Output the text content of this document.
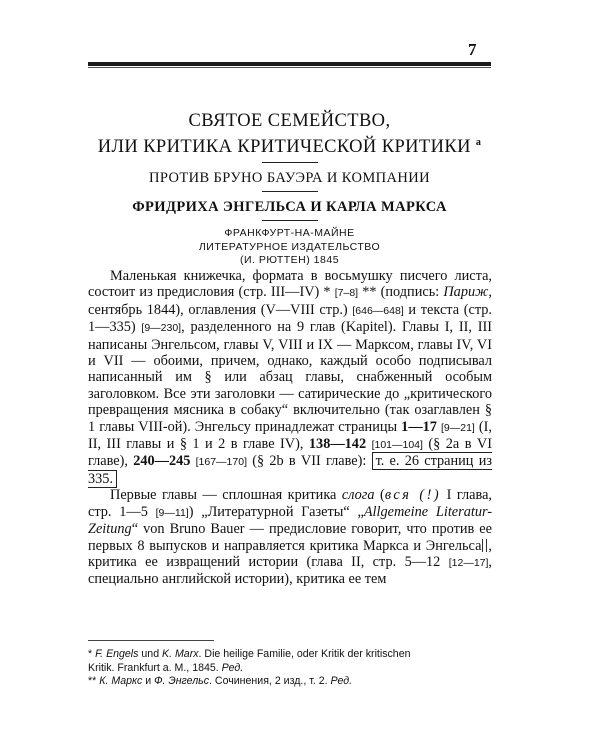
7
СВЯТОЕ СЕМЕЙСТВО,
ИЛИ КРИТИКА КРИТИЧЕСКОЙ КРИТИКИ $^a$
ПРОТИВ БРУНО БАУЭРА И КОМПАНИИ
ФРИДРИХА ЭНГЕЛЬСА И КАРЛА МАРКСА
ФРАНКФУРТ-НА-МАЙНЕ
ЛИТЕРАТУРНОЕ ИЗДАТЕЛЬСТВО
(И. РЮТТЕН) 1845

Маленькая книжечка, формата в восьмушку писчего листа, состоит из предисловия (стр. III—IV) * [7–8] ** (подпись: Париж, сентябрь 1844), оглавления (V—VIII стр.) [646—648] и текста (стр. 1—335) [9—230], разделенного на 9 глав (Kapitel). Главы I, II, III написаны Энгельсом, главы V, VIII и IX — Марксом, главы IV, VI и VII — обоими, причем, однако, каждый особо подписывал написанный им § или абзац главы, снабженный особым заголовком. Все эти заголовки — сатирические до „критического превращения мясника в собаку“ включительно (так озаглавлен § 1 главы VIII-ой). Энгельсу принадлежат страницы 1—17 [9—21] (I, II, III главы и § 1 и 2 в главе IV), 138—142 [101—104] (§ 2а в VI главе), 240—245 [167—170] (§ 2b в VII главе): т. е. 26 страниц из 335.

Первые главы — сплошная критика слога (вся (!) I глава, стр. 1—5 [9—11]) „Литературной Газеты“ „Allgemeine Literatur-Zeitung“ von Bruno Bauer — предисловие говорит, что против ее первых 8 выпусков и направляется критика Маркса и Энгельса , критика ее извращений истории (глава II, стр. 5—12 [12—17], специально английской истории), критика ее тем

* F. Engels und K. Marx. Die heilige Familie, oder Kritik der kritischen
Kritik. Frankfurt a. M., 1845. Ред.
** К. Маркс и Ф. Энгельс. Сочинения, 2 изд., т. 2. Ред.
